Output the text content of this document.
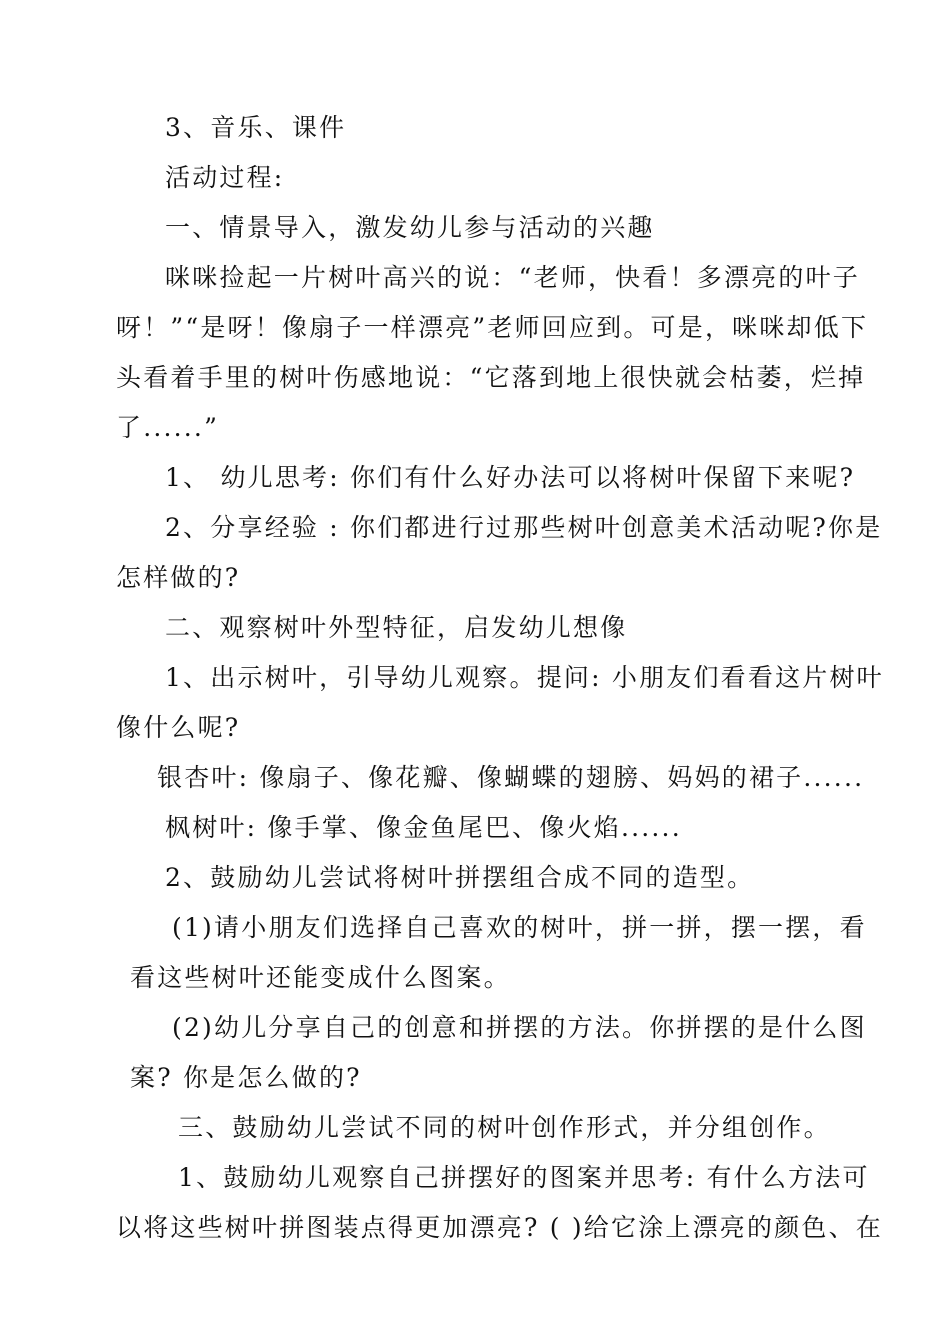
3、音乐、课件
活动过程:
一、情景导入，激发幼儿参与活动的兴趣
咪咪捡起一片树叶高兴的说：“老师，快看！多漂亮的叶子
呀！”“是呀！像扇子一样漂亮”老师回应到。可是，咪咪却低下
头看着手里的树叶伤感地说：“它落到地上很快就会枯萎，烂掉
了......”
1、 幼儿思考: 你们有什么好办法可以将树叶保留下来呢?
2、分享经验 : 你们都进行过那些树叶创意美术活动呢?你是
怎样做的?
二、观察树叶外型特征，启发幼儿想像
1、出示树叶，引导幼儿观察。提问: 小朋友们看看这片树叶
像什么呢?
银杏叶: 像扇子、像花瓣、像蝴蝶的翅膀、妈妈的裙子......
枫树叶: 像手掌、像金鱼尾巴、像火焰......
2、鼓励幼儿尝试将树叶拼摆组合成不同的造型。
(1)请小朋友们选择自己喜欢的树叶，拼一拼，摆一摆，看
看这些树叶还能变成什么图案。
(2)幼儿分享自己的创意和拼摆的方法。你拼摆的是什么图
案? 你是怎么做的?
三、鼓励幼儿尝试不同的树叶创作形式，并分组创作。
1、鼓励幼儿观察自己拼摆好的图案并思考: 有什么方法可
以将这些树叶拼图装点得更加漂亮? ( )给它涂上漂亮的颜色、在
